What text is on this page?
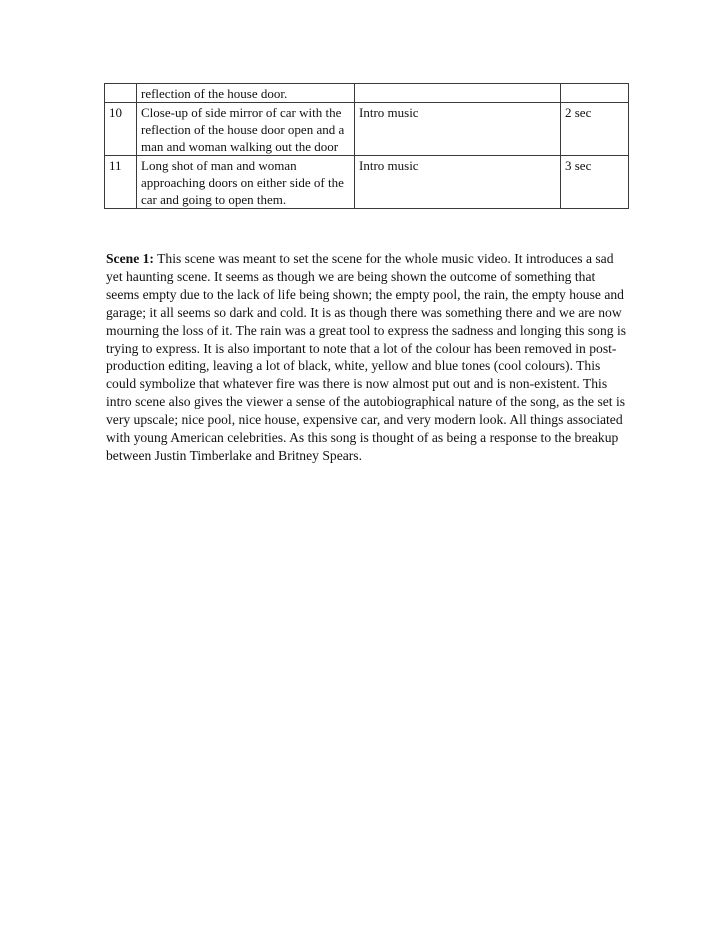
	reflection of the house door.		
10	Close-up of side mirror of car with the reflection of the house door open and a man and woman walking out the door	Intro music	2 sec
11	Long shot of man and woman approaching doors on either side of the car and going to open them.	Intro music	3 sec

Scene 1: This scene was meant to set the scene for the whole music video. It introduces a sad yet haunting scene. It seems as though we are being shown the outcome of something that seems empty due to the lack of life being shown; the empty pool, the rain, the empty house and garage; it all seems so dark and cold. It is as though there was something there and we are now mourning the loss of it. The rain was a great tool to express the sadness and longing this song is trying to express. It is also important to note that a lot of the colour has been removed in post-production editing, leaving a lot of black, white, yellow and blue tones (cool colours). This could symbolize that whatever fire was there is now almost put out and is non-existent. This intro scene also gives the viewer a sense of the autobiographical nature of the song, as the set is very upscale; nice pool, nice house, expensive car, and very modern look. All things associated with young American celebrities. As this song is thought of as being a response to the breakup between Justin Timberlake and Britney Spears.
